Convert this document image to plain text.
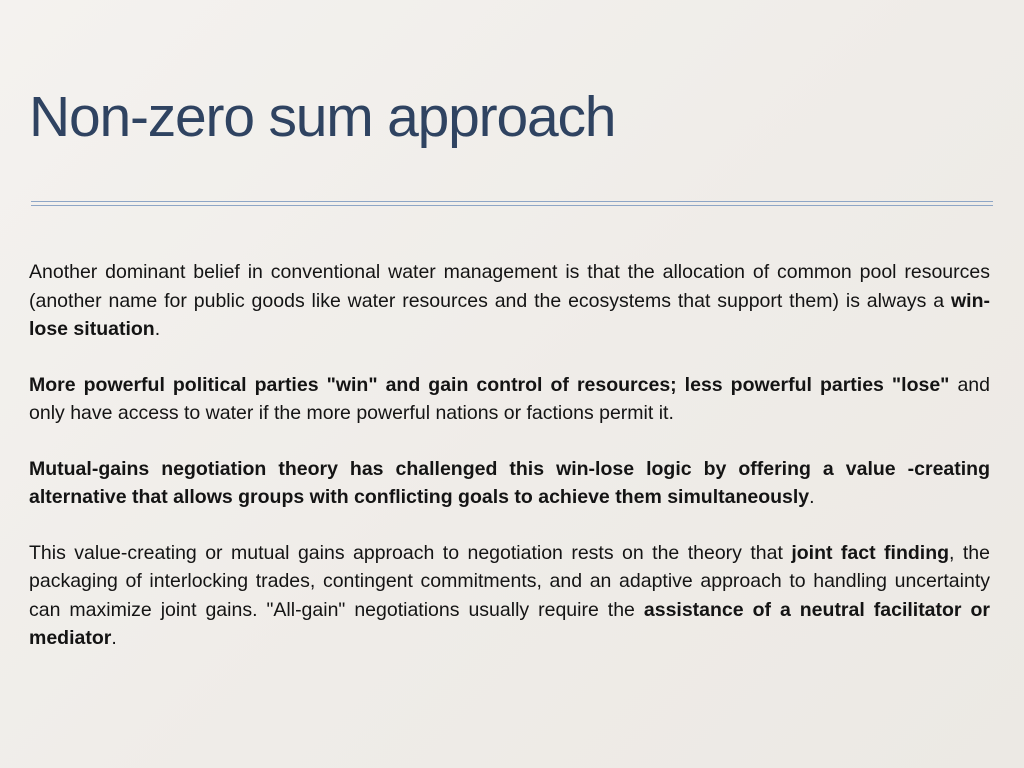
Non-zero sum approach

Another dominant belief in conventional water management is that the allocation of common pool resources (another name for public goods like water resources and the ecosystems that support them) is always a win-lose situation.

More powerful political parties "win" and gain control of resources; less powerful parties "lose" and only have access to water if the more powerful nations or factions permit it.

Mutual-gains negotiation theory has challenged this win-lose logic by offering a value -creating alternative that allows groups with conflicting goals to achieve them simultaneously.

This value-creating or mutual gains approach to negotiation rests on the theory that joint fact finding, the packaging of interlocking trades, contingent commitments, and an adaptive approach to handling uncertainty can maximize joint gains. "All-gain" negotiations usually require the assistance of a neutral facilitator or mediator.
